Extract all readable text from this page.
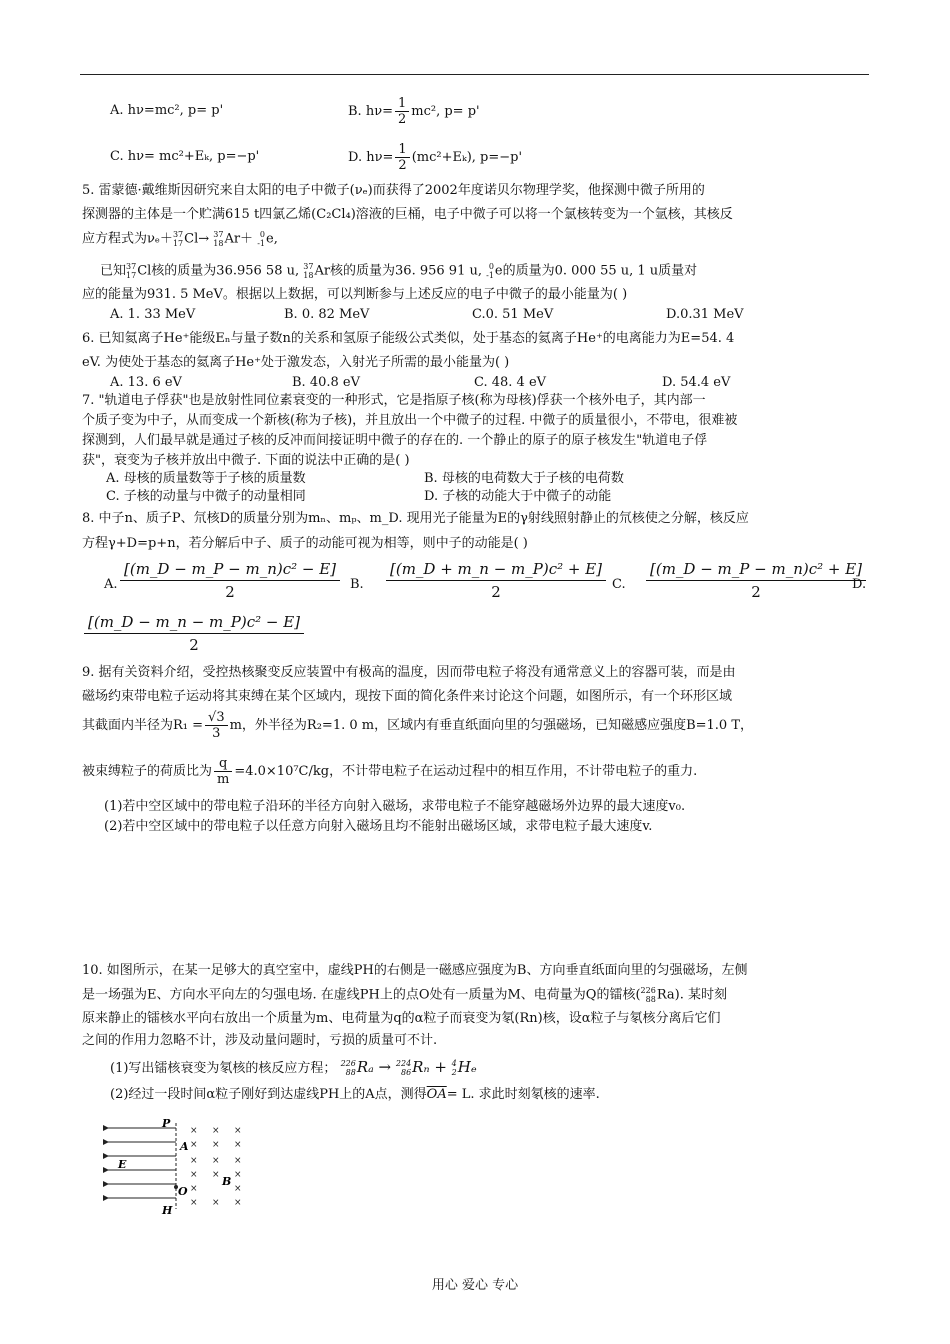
A. hν=mc², p= p'	B. $h\nu= \frac{1}{2} mc^2$, p= p'
C. hν= mc²+Eₖ, p=−p'	D. $h\nu= \frac{1}{2} (mc^2+E_k)$, p=−p'
5. 雷蒙德·戴维斯因研究来自太阳的电子中微子(νₑ)而获得了2002年度诺贝尔物理学奖，他探测中微子所用的
探测器的主体是一个贮满615 t四氯乙烯(C₂Cl₄)溶液的巨桶，电子中微子可以将一个氯核转变为一个氩核，其核反
应方程式为νₑ＋ 37
17 Cl→ 37
18 Ar＋ 0
-1 e,
已知 37
17 Cl核的质量为36.956 58 u, 37
18 Ar核的质量为36. 956 91 u, 0
-1 e的质量为0. 000 55 u, 1 u质量对
应的能量为931. 5 MeV。根据以上数据，可以判断参与上述反应的电子中微子的最小能量为( )
A. 1. 33 MeV	B. 0. 82 MeV	C.0. 51 MeV	D.0.31 MeV
6. 已知氦离子He⁺能级Eₙ与量子数n的关系和氢原子能级公式类似，处于基态的氦离子He⁺的电离能力为E=54. 4
eV. 为使处于基态的氦离子He⁺处于激发态，入射光子所需的最小能量为( )
A. 13. 6 eV	B. 40.8 eV	C. 48. 4 eV	D. 54.4 eV
7. "轨道电子俘获"也是放射性同位素衰变的一种形式，它是指原子核(称为母核)俘获一个核外电子，其内部一
个质子变为中子，从而变成一个新核(称为子核)，并且放出一个中微子的过程. 中微子的质量很小，不带电，很难被
探测到，人们最早就是通过子核的反冲而间接证明中微子的存在的. 一个静止的原子的原子核发生"轨道电子俘
获"，衰变为子核并放出中微子. 下面的说法中正确的是( )
A. 母核的质量数等于子核的质量数	B. 母核的电荷数大于子核的电荷数
C. 子核的动量与中微子的动量相同	D. 子核的动能大于中微子的动能
8. 中子n、质子P、氘核D的质量分别为mₙ、mₚ、m_D. 现用光子能量为E的γ射线照射静止的氘核使之分解，核反应
方程γ+D=p+n，若分解后中子、质子的动能可视为相等，则中子的动能是( )
A. $\frac{\text{[(m\_D − m\_P − m\_n)c² − E]}}{2} B$. $\frac{\text{[(m\_D + m\_n − m\_P)c² + E]}}{2} C$. $\frac{\text{[(m\_D − m\_P − m\_n)c² + E]}}{2}$
D.
$\frac{\text{[(m\_D − m\_n − m\_P)c² − E]}}{2}$
9. 据有关资料介绍，受控热核聚变反应装置中有极高的温度，因而带电粒子将没有通常意义上的容器可装，而是由
磁场约束带电粒子运动将其束缚在某个区域内，现按下面的简化条件来讨论这个问题，如图所示，有一个环形区域
其截面内半径为$R_1 = \frac{√3}{3}$ m，外半径为R₂=1. 0 m，区域内有垂直纸面向里的匀强磁场，已知磁感应强度B=1.0 T，
被束缚粒子的荷质比为 $\frac{q}{m} =4.0\times 10^7C/kg$，不计带电粒子在运动过程中的相互作用，不计带电粒子的重力.
(1)若中空区域中的带电粒子沿环的半径方向射入磁场，求带电粒子不能穿越磁场外边界的最大速度v₀.
(2)若中空区域中的带电粒子以任意方向射入磁场且均不能射出磁场区域，求带电粒子最大速度v.
10. 如图所示，在某一足够大的真空室中，虚线PH的右侧是一磁感应强度为B、方向垂直纸面向里的匀强磁场，左侧
是一场强为E、方向水平向左的匀强电场. 在虚线PH上的点O处有一质量为M、电荷量为Q的镭核( 226
88 Ra). 某时刻
原来静止的镭核水平向右放出一个质量为m、电荷量为q的α粒子而衰变为氡(Rn)核，设α粒子与氡核分离后它们
之间的作用力忽略不计，涉及动量问题时，亏损的质量可不计.
(1)写出镭核衰变为氡核的核反应方程； 226
88 Rₐ → 224
86 Rₙ + 4
2 Hₑ
(2)经过一段时间α粒子刚好到达虚线PH上的A点，测得$\overline{OA}= L$. 求此时刻氡核的速率.
P
A
E
O
B
H
× × ×
× × ×
× × ×
× × ×
×	×
× × ×
用心 爱心 专心
